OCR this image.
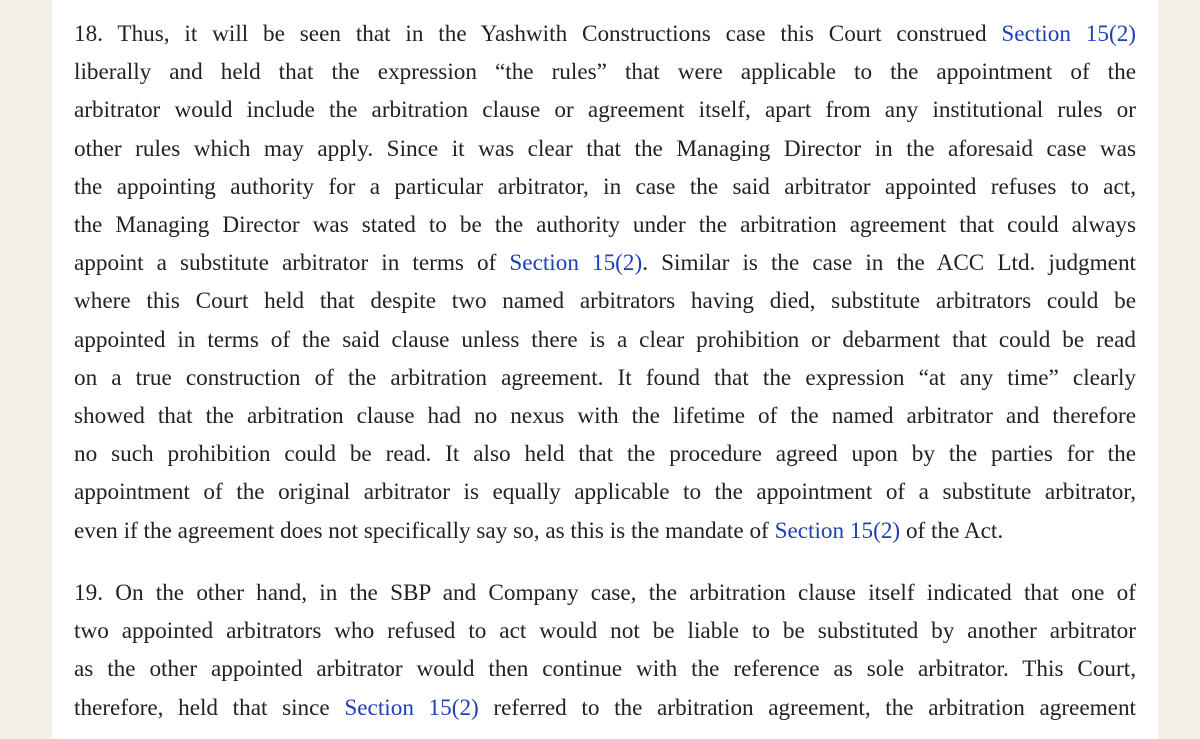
18. Thus, it will be seen that in the Yashwith Constructions case this Court construed Section 15(2)
liberally and held that the expression “the rules” that were applicable to the appointment of the
arbitrator would include the arbitration clause or agreement itself, apart from any institutional rules or
other rules which may apply. Since it was clear that the Managing Director in the aforesaid case was
the appointing authority for a particular arbitrator, in case the said arbitrator appointed refuses to act,
the Managing Director was stated to be the authority under the arbitration agreement that could always
appoint a substitute arbitrator in terms of Section 15(2). Similar is the case in the ACC Ltd. judgment
where this Court held that despite two named arbitrators having died, substitute arbitrators could be
appointed in terms of the said clause unless there is a clear prohibition or debarment that could be read
on a true construction of the arbitration agreement. It found that the expression “at any time” clearly
showed that the arbitration clause had no nexus with the lifetime of the named arbitrator and therefore
no such prohibition could be read. It also held that the procedure agreed upon by the parties for the
appointment of the original arbitrator is equally applicable to the appointment of a substitute arbitrator,
even if the agreement does not specifically say so, as this is the mandate of Section 15(2) of the Act.

19. On the other hand, in the SBP and Company case, the arbitration clause itself indicated that one of
two appointed arbitrators who refused to act would not be liable to be substituted by another arbitrator
as the other appointed arbitrator would then continue with the reference as sole arbitrator. This Court,
therefore, held that since Section 15(2) referred to the arbitration agreement, the arbitration agreement
